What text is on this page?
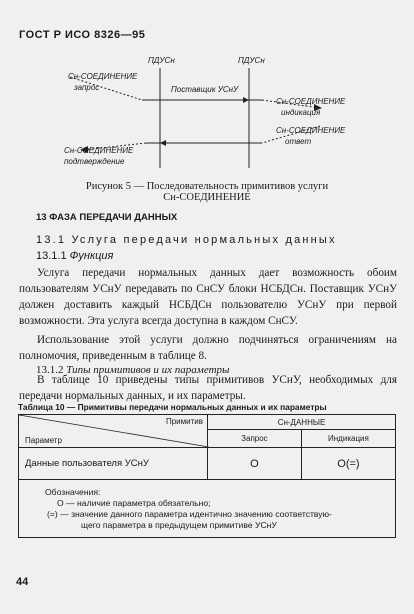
ГОСТ Р ИСО 8326—95
ПДУСн	ПДУСн
Сн-СОЕДИНЕНИЕ
запрос
Сн-СОЕДИНЕНИЕ
подтверждение
Сн-СОЕДИНЕНИЕ
индикация
Сн-СОЕДИНЕНИЕ
ответ
Поставщик УСнУ
Рисунок 5 — Последовательность примитивов услуги
Сн-СОЕДИНЕНИЕ
13 ФАЗА ПЕРЕДАЧИ ДАННЫХ
13.1 Услуга передачи нормальных данных
13.1.1 Функция
Услуга передачи нормальных данных дает возможность обоим пользователям УСнУ передавать по СнСУ блоки НСБДСн. Поставщик УСнУ должен доставить каждый НСБДСн пользователю УСнУ при первой возможности. Эта услуга всегда доступна в каждом СнСУ.
Использование этой услуги должно подчиняться ограничениям на полномочия, приведенным в таблице 8.
13.1.2 Типы примитивов и их параметры
В таблице 10 приведены типы примитивов УСнУ, необходимых для передачи нормальных данных, и их параметры.
Таблица 10 — Примитивы передачи нормальных данных и их параметры
Примитив
Параметр	Сн-ДАННЫЕ	
	Запрос	Индикация
Данные пользователя УСнУ	О	О(=)

Обозначения:
О — наличие параметра обязательно;
(=) — значение данного параметра идентично значению соответствую-
щего параметра в предыдущем примитиве УСнУ		
44
